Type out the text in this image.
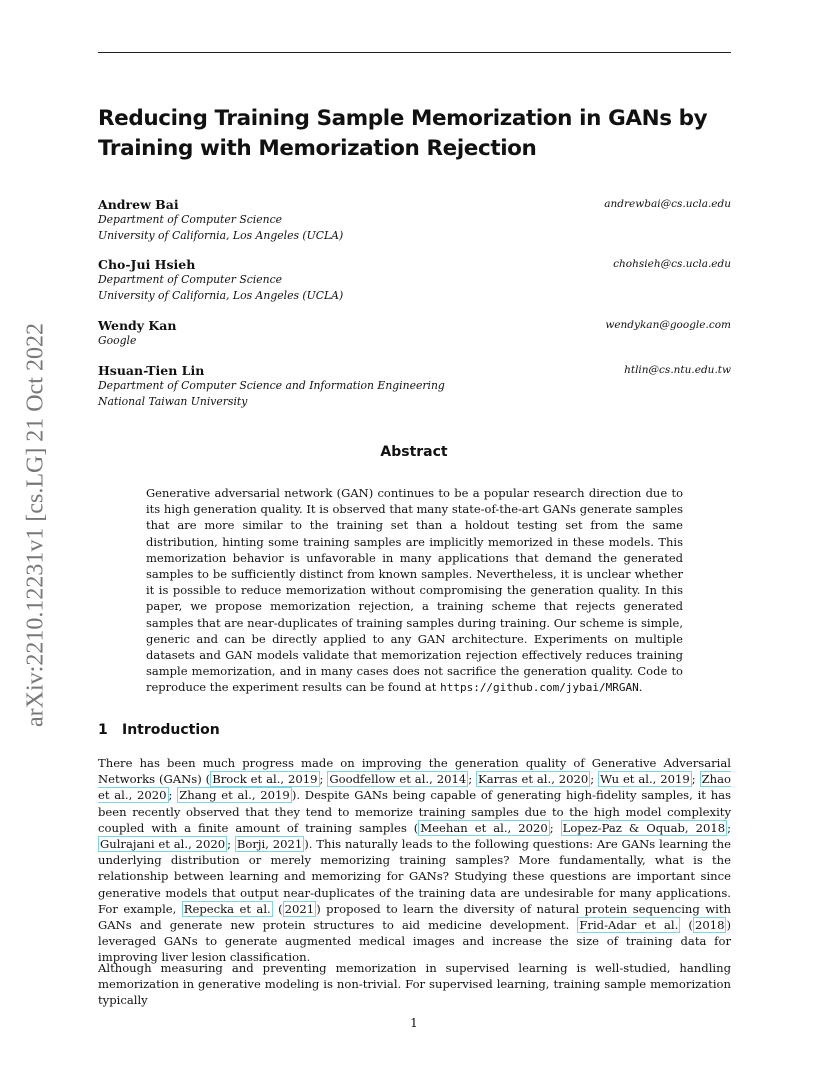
arXiv:2210.12231v1 [cs.LG] 21 Oct 2022
Reducing Training Sample Memorization in GANs by Training with Memorization Rejection
Andrew Bai	andrewbai@cs.ucla.edu
Department of Computer Science
University of California, Los Angeles (UCLA)
Cho-Jui Hsieh	chohsieh@cs.ucla.edu
Department of Computer Science
University of California, Los Angeles (UCLA)
Wendy Kan	wendykan@google.com
Google
Hsuan-Tien Lin	htlin@cs.ntu.edu.tw
Department of Computer Science and Information Engineering
National Taiwan University
Abstract

Generative adversarial network (GAN) continues to be a popular research direction due to its high generation quality. It is observed that many state-of-the-art GANs generate samples that are more similar to the training set than a holdout testing set from the same distribution, hinting some training samples are implicitly memorized in these models. This memorization behavior is unfavorable in many applications that demand the generated samples to be sufficiently distinct from known samples. Nevertheless, it is unclear whether it is possible to reduce memorization without compromising the generation quality. In this paper, we propose memorization rejection, a training scheme that rejects generated samples that are near-duplicates of training samples during training. Our scheme is simple, generic and can be directly applied to any GAN architecture. Experiments on multiple datasets and GAN models validate that memorization rejection effectively reduces training sample memorization, and in many cases does not sacrifice the generation quality. Code to reproduce the experiment results can be found at https://github.com/jybai/MRGAN.

1 Introduction

There has been much progress made on improving the generation quality of Generative Adversarial Networks (GANs) ( Brock et al., 2019 ; Goodfellow et al., 2014 ; Karras et al., 2020 ; Wu et al., 2019 ; Zhao et al., 2020 ; Zhang et al., 2019 ). Despite GANs being capable of generating high-fidelity samples, it has been recently observed that they tend to memorize training samples due to the high model complexity coupled with a finite amount of training samples ( Meehan et al., 2020 ; Lopez-Paz & Oquab, 2018 ; Gulrajani et al., 2020 ; Borji, 2021 ). This naturally leads to the following questions: Are GANs learning the underlying distribution or merely memorizing training samples? More fundamentally, what is the relationship between learning and memorizing for GANs? Studying these questions are important since generative models that output near-duplicates of the training data are undesirable for many applications. For example, Repecka et al. ( 2021 ) proposed to learn the diversity of natural protein sequencing with GANs and generate new protein structures to aid medicine development. Frid-Adar et al. ( 2018 ) leveraged GANs to generate augmented medical images and increase the size of training data for improving liver lesion classification.

Although measuring and preventing memorization in supervised learning is well-studied, handling memorization in generative modeling is non-trivial. For supervised learning, training sample memorization typically

1
